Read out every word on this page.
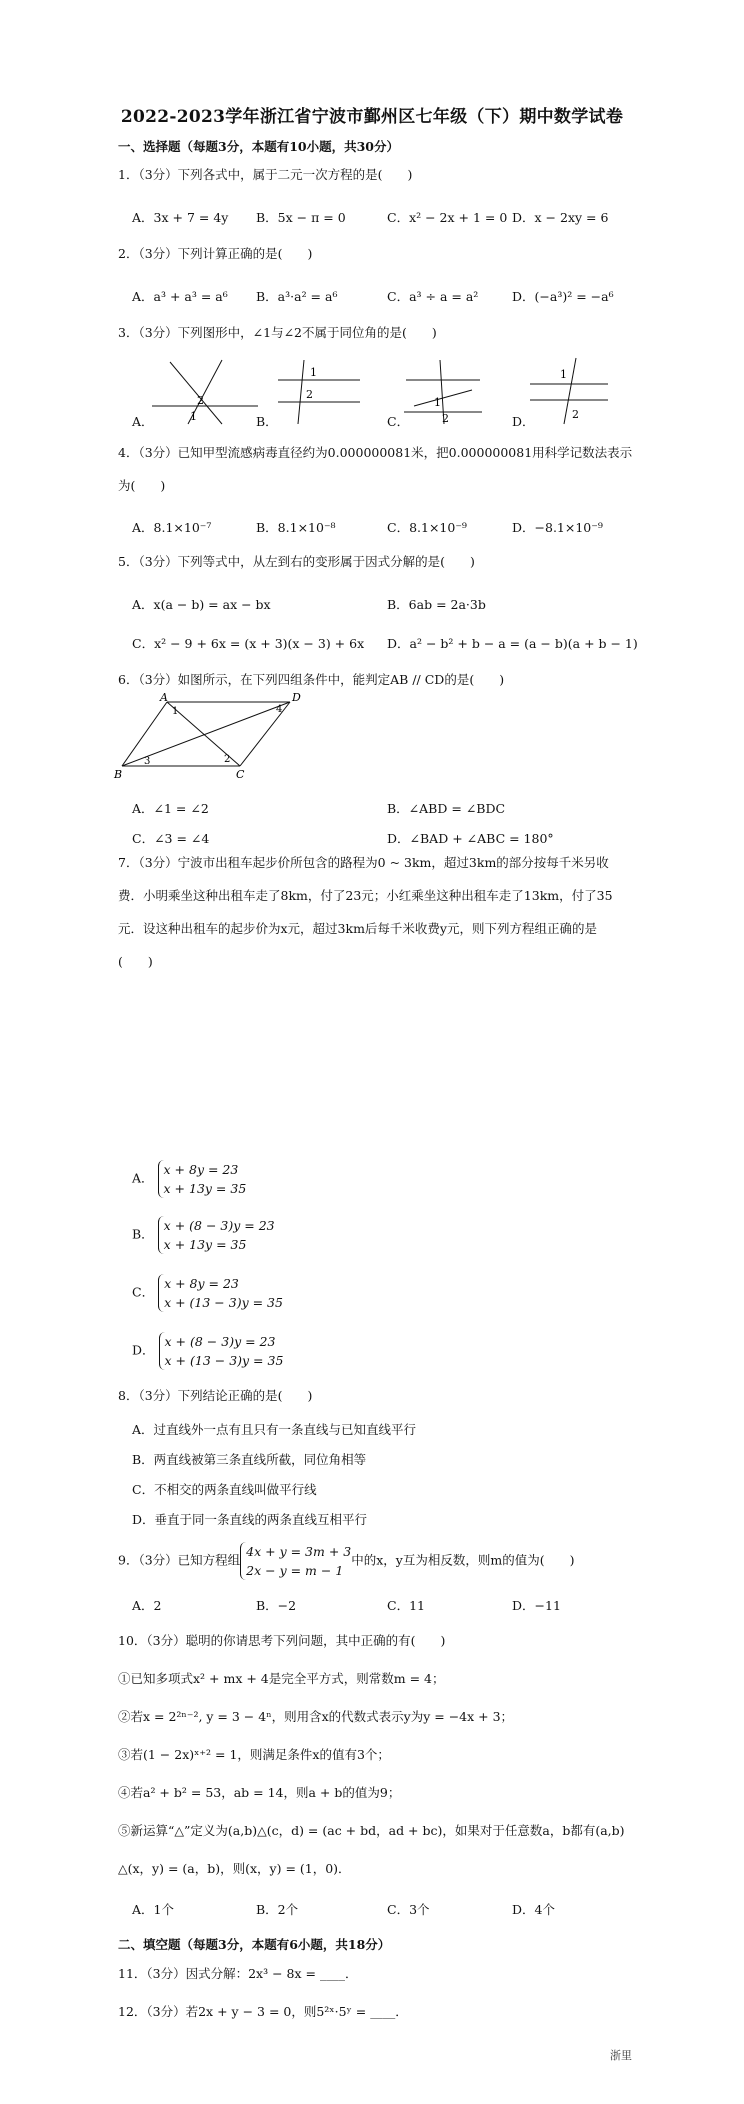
2022-2023学年浙江省宁波市鄞州区七年级（下）期中数学试卷
一、选择题（每题3分，本题有10小题，共30分）
1．（3分）下列各式中，属于二元一次方程的是(　　)
A．3x + 7 = 4y B．5x − π = 0	C．x² − 2x + 1 = 0 D．x − 2xy = 6
2．（3分）下列计算正确的是(　　)
A．a³ + a³ = a⁶ B．a³·a² = a⁶	C．a³ ÷ a = a²	D．(−a³)² = −a⁶
3．（3分）下列图形中，∠1与∠2不属于同位角的是(　　)
A．	B．	C．	D．
2
1
1
2
1
2
1
2
4．（3分）已知甲型流感病毒直径约为0.000000081米，把0.000000081用科学记数法表示
为(　　)
A．8.1×10⁻⁷	B．8.1×10⁻⁸	C．8.1×10⁻⁹	D．−8.1×10⁻⁹
5．（3分）下列等式中，从左到右的变形属于因式分解的是(　　)
A．x(a − b) = ax − bx	B．6ab = 2a·3b
C．x² − 9 + 6x = (x + 3)(x − 3) + 6x D．a² − b² + b − a = (a − b)(a + b − 1)
6．（3分）如图所示，在下列四组条件中，能判定AB // CD的是(　　)
A	D
B	C
1
2
3
4
A．∠1 = ∠2	B．∠ABD = ∠BDC
C．∠3 = ∠4	D．∠BAD + ∠ABC = 180°
7．（3分）宁波市出租车起步价所包含的路程为0 ~ 3km，超过3km的部分按每千米另收费．小明乘坐这种出租车走了8km，付了23元；小红乘坐这种出租车走了13km，付了35元．设这种出租车的起步价为x元，超过3km后每千米收费y元，则下列方程组正确的是(　　)
A． x + 8y = 23
x + 13y = 35
B． x + (8 − 3)y = 23
x + 13y = 35
C． x + 8y = 23
x + (13 − 3)y = 35
D． x + (8 − 3)y = 23
x + (13 − 3)y = 35
8．（3分）下列结论正确的是(　　)
A．过直线外一点有且只有一条直线与已知直线平行
B．两直线被第三条直线所截，同位角相等
C．不相交的两条直线叫做平行线
D．垂直于同一条直线的两条直线互相平行
9．（3分）已知方程组4x + y = 3m + 3
2x − y = m − 1中的x，y互为相反数，则m的值为(　　)
A．2	B．−2	C．11	D．−11
10．（3分）聪明的你请思考下列问题，其中正确的有(　　)
①已知多项式x² + mx + 4是完全平方式，则常数m = 4；
②若x = 2²ⁿ⁻², y = 3 − 4ⁿ，则用含x的代数式表示y为y = −4x + 3；
③若(1 − 2x)ˣ⁺² = 1，则满足条件x的值有3个；
④若a² + b² = 53，ab = 14，则a + b的值为9；
⑤新运算“△”定义为(a,b)△(c，d) = (ac + bd，ad + bc)，如果对于任意数a，b都有(a,b)
△(x，y) = (a，b)，则(x，y) = (1，0)．
A．1个	B．2个	C．3个	D．4个
二、填空题（每题3分，本题有6小题，共18分）
11．（3分）因式分解：2x³ − 8x = ____．
12．（3分）若2x + y − 3 = 0，则5²ˣ·5ʸ = ____．
浙里
